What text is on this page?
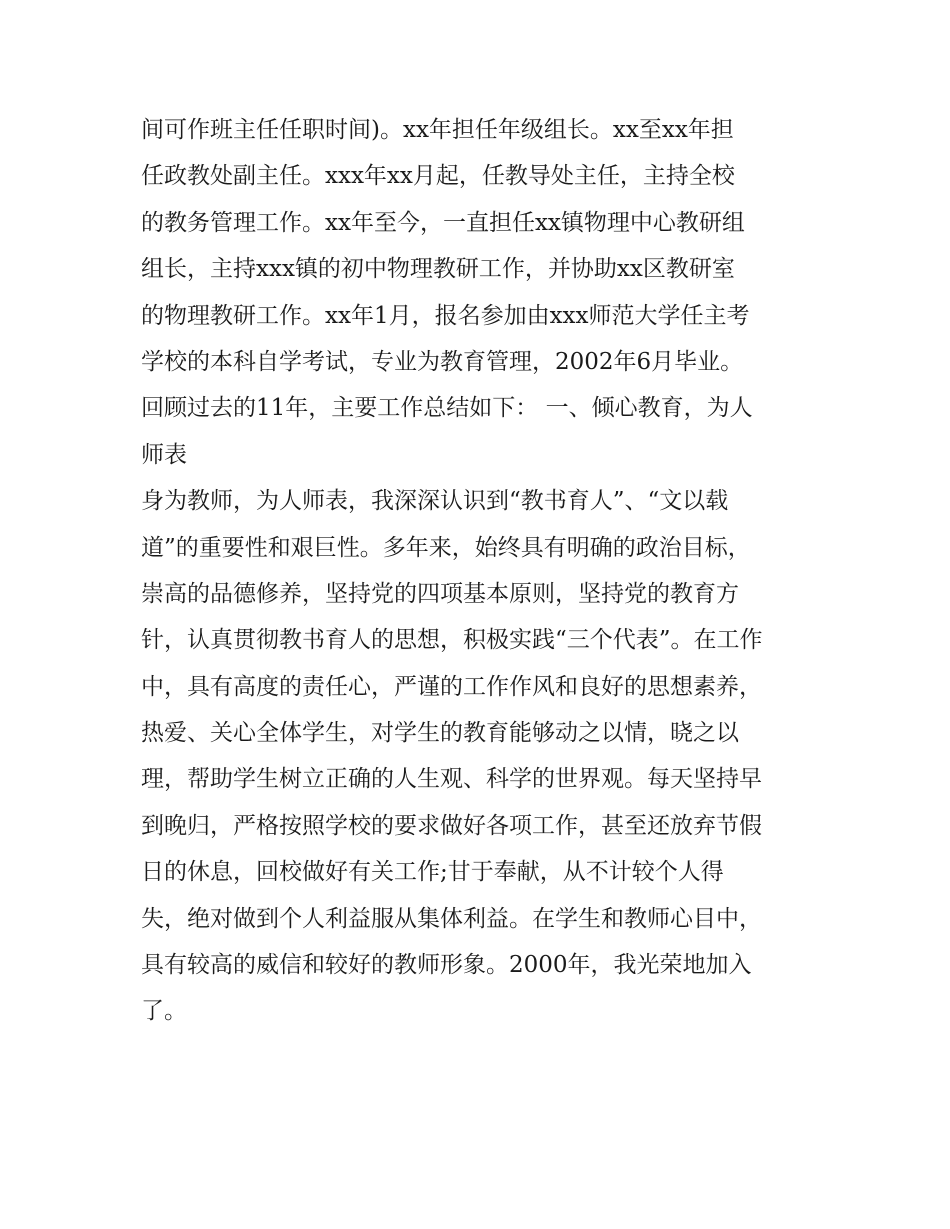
间可作班主任任职时间)。xx年担任年级组长。xx至xx年担
任政教处副主任。xxx年xx月起，任教导处主任，主持全校
的教务管理工作。xx年至今，一直担任xx镇物理中心教研组
组长，主持xxx镇的初中物理教研工作，并协助xx区教研室
的物理教研工作。xx年1月，报名参加由xxx师范大学任主考
学校的本科自学考试，专业为教育管理，2002年6月毕业。
回顾过去的11年，主要工作总结如下： 一、倾心教育，为人
师表
身为教师，为人师表，我深深认识到“教书育人”、“文以载
道”的重要性和艰巨性。多年来，始终具有明确的政治目标，
崇高的品德修养，坚持党的四项基本原则，坚持党的教育方
针，认真贯彻教书育人的思想，积极实践“三个代表”。在工作
中，具有高度的责任心，严谨的工作作风和良好的思想素养，
热爱、关心全体学生，对学生的教育能够动之以情，晓之以
理，帮助学生树立正确的人生观、科学的世界观。每天坚持早
到晚归，严格按照学校的要求做好各项工作，甚至还放弃节假
日的休息，回校做好有关工作;甘于奉献，从不计较个人得
失，绝对做到个人利益服从集体利益。在学生和教师心目中，
具有较高的威信和较好的教师形象。2000年，我光荣地加入
了。
